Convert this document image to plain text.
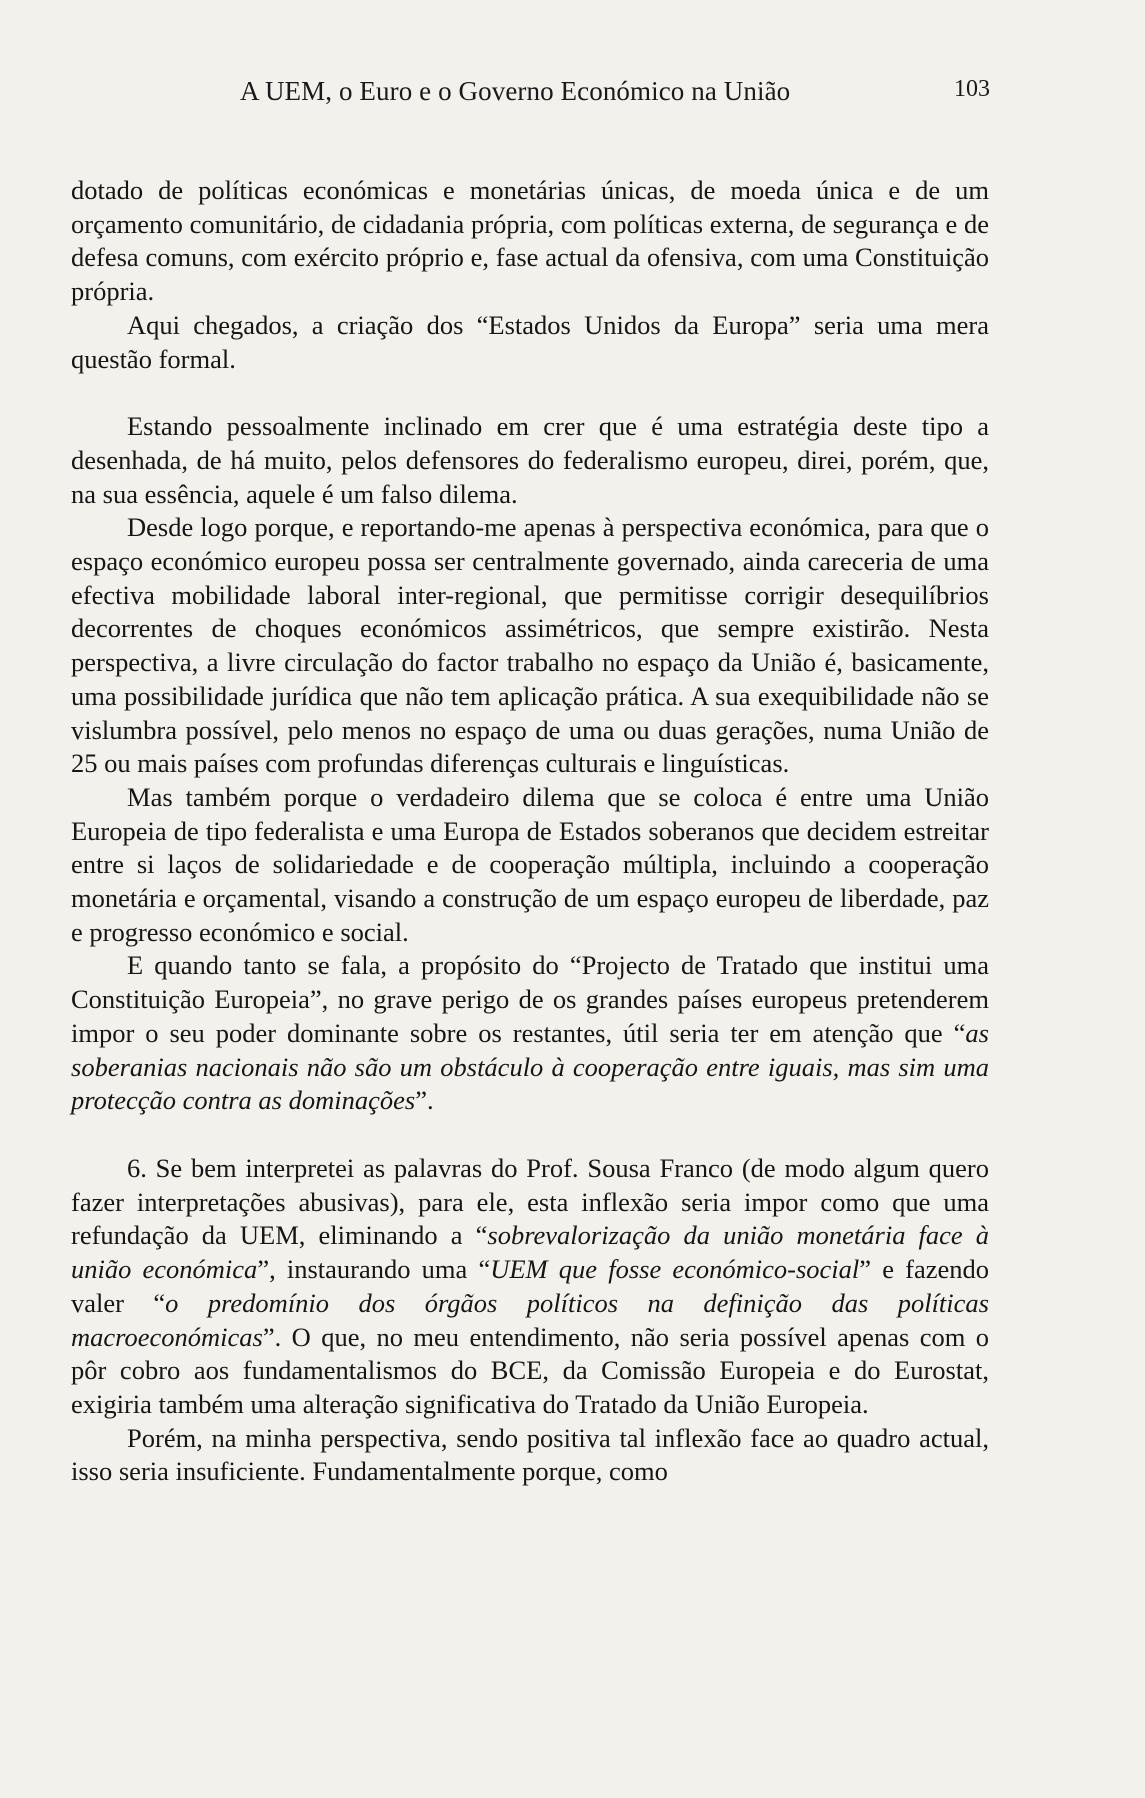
A UEM, o Euro e o Governo Económico na União	103

dotado de políticas económicas e monetárias únicas, de moeda única e de um orçamento comunitário, de cidadania própria, com políticas externa, de segurança e de defesa comuns, com exército próprio e, fase actual da ofensiva, com uma Constituição própria.

Aqui chegados, a criação dos “Estados Unidos da Europa” seria uma mera questão formal.

Estando pessoalmente inclinado em crer que é uma estratégia deste tipo a desenhada, de há muito, pelos defensores do federalismo europeu, direi, porém, que, na sua essência, aquele é um falso dilema.

Desde logo porque, e reportando-me apenas à perspectiva económica, para que o espaço económico europeu possa ser centralmente governado, ainda careceria de uma efectiva mobilidade laboral inter-regional, que permitisse corrigir desequilíbrios decorrentes de choques económicos assimétricos, que sempre existirão. Nesta perspectiva, a livre circulação do factor trabalho no espaço da União é, basicamente, uma possibilidade jurídica que não tem aplicação prática. A sua exequibilidade não se vislumbra possível, pelo menos no espaço de uma ou duas gerações, numa União de 25 ou mais países com profundas diferenças culturais e linguísticas.

Mas também porque o verdadeiro dilema que se coloca é entre uma União Europeia de tipo federalista e uma Europa de Estados soberanos que decidem estreitar entre si laços de solidariedade e de cooperação múltipla, incluindo a cooperação monetária e orçamental, visando a construção de um espaço europeu de liberdade, paz e progresso económico e social.

E quando tanto se fala, a propósito do “Projecto de Tratado que institui uma Constituição Europeia”, no grave perigo de os grandes países europeus pretenderem impor o seu poder dominante sobre os restantes, útil seria ter em atenção que “as soberanias nacionais não são um obstáculo à cooperação entre iguais, mas sim uma protecção contra as dominações”.

6. Se bem interpretei as palavras do Prof. Sousa Franco (de modo algum quero fazer interpretações abusivas), para ele, esta inflexão seria impor como que uma refundação da UEM, eliminando a “sobrevalorização da união monetária face à união económica”, instaurando uma “UEM que fosse económico-social” e fazendo valer “o predomínio dos órgãos políticos na definição das políticas macroeconómicas”. O que, no meu entendimento, não seria possível apenas com o pôr cobro aos fundamentalismos do BCE, da Comissão Europeia e do Eurostat, exigiria também uma alteração significativa do Tratado da União Europeia.

Porém, na minha perspectiva, sendo positiva tal inflexão face ao quadro actual, isso seria insuficiente. Fundamentalmente porque, como
